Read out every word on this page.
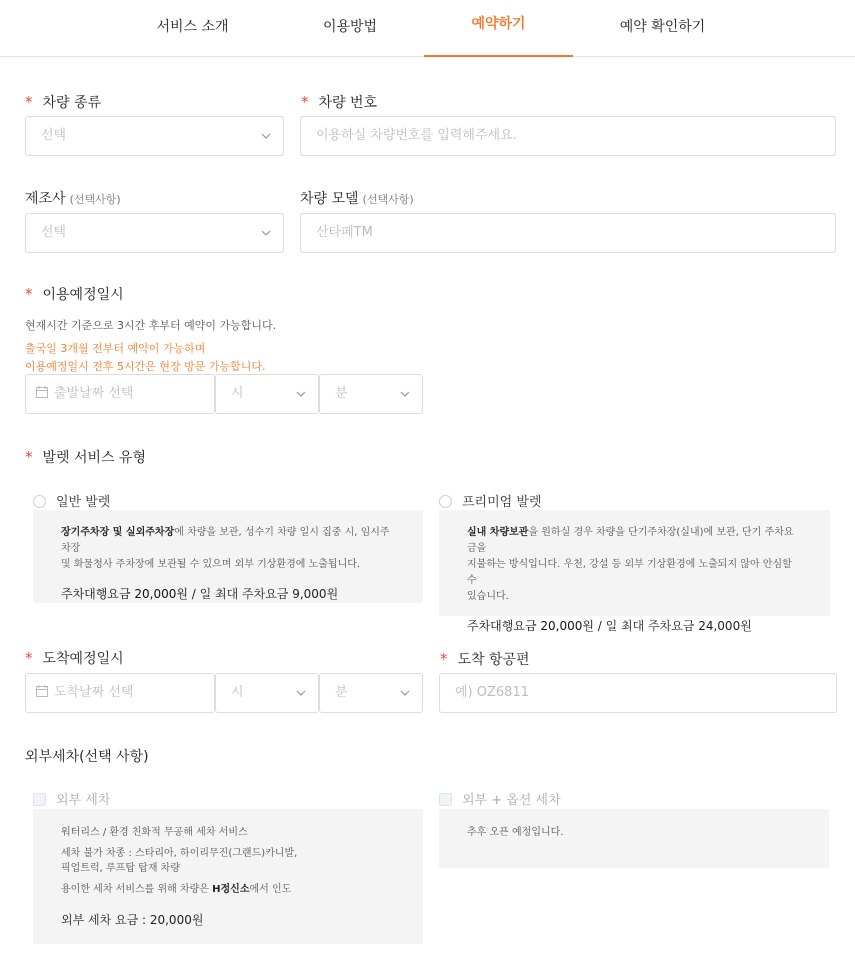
서비스 소개	이용방법	예약하기	예약 확인하기
* 차량 종류
선택
* 차량 번호
이용하실 차량번호를 입력해주세요.
제조사 (선택사항)
선택
차량 모델 (선택사항)
산타페TM
* 이용예정일시
현재시간 기준으로 3시간 후부터 예약이 가능합니다.
출국일 3개월 전부터 예약이 가능하며
이용예정일시 전후 5시간은 현장 방문 가능합니다.
출발날짜 선택	시	분
* 발렛 서비스 유형
일반 발렛
장기주차장 및 실외주차장에 차량을 보관, 성수기 차량 일시 집중 시, 임시주차장
및 화물청사 주차장에 보관될 수 있으며 외부 기상환경에 노출됩니다.
주차대행요금 20,000원 / 일 최대 주차요금 9,000원
프리미엄 발렛
실내 차량보관을 원하실 경우 차량을 단기주차장(실내)에 보관, 단기 주차요금을
지불하는 방식입니다. 우천, 강설 등 외부 기상환경에 노출되지 않아 안심할 수
있습니다.
주차대행요금 20,000원 / 일 최대 주차요금 24,000원
* 도착예정일시
도착날짜 선택	시	분
* 도착 항공편
예) OZ6811
외부세차(선택 사항)
외부 세차
워터리스 / 환경 친화적 무공해 세차 서비스
세차 불가 차종 : 스타리아, 하이리무진(그랜드)카니발,
픽업트럭, 루프탑 탑재 차량
용이한 세차 서비스를 위해 차량은 H정신소에서 인도
외부 세차 요금 : 20,000원
외부 + 옵션 세차
추후 오픈 예정입니다.
